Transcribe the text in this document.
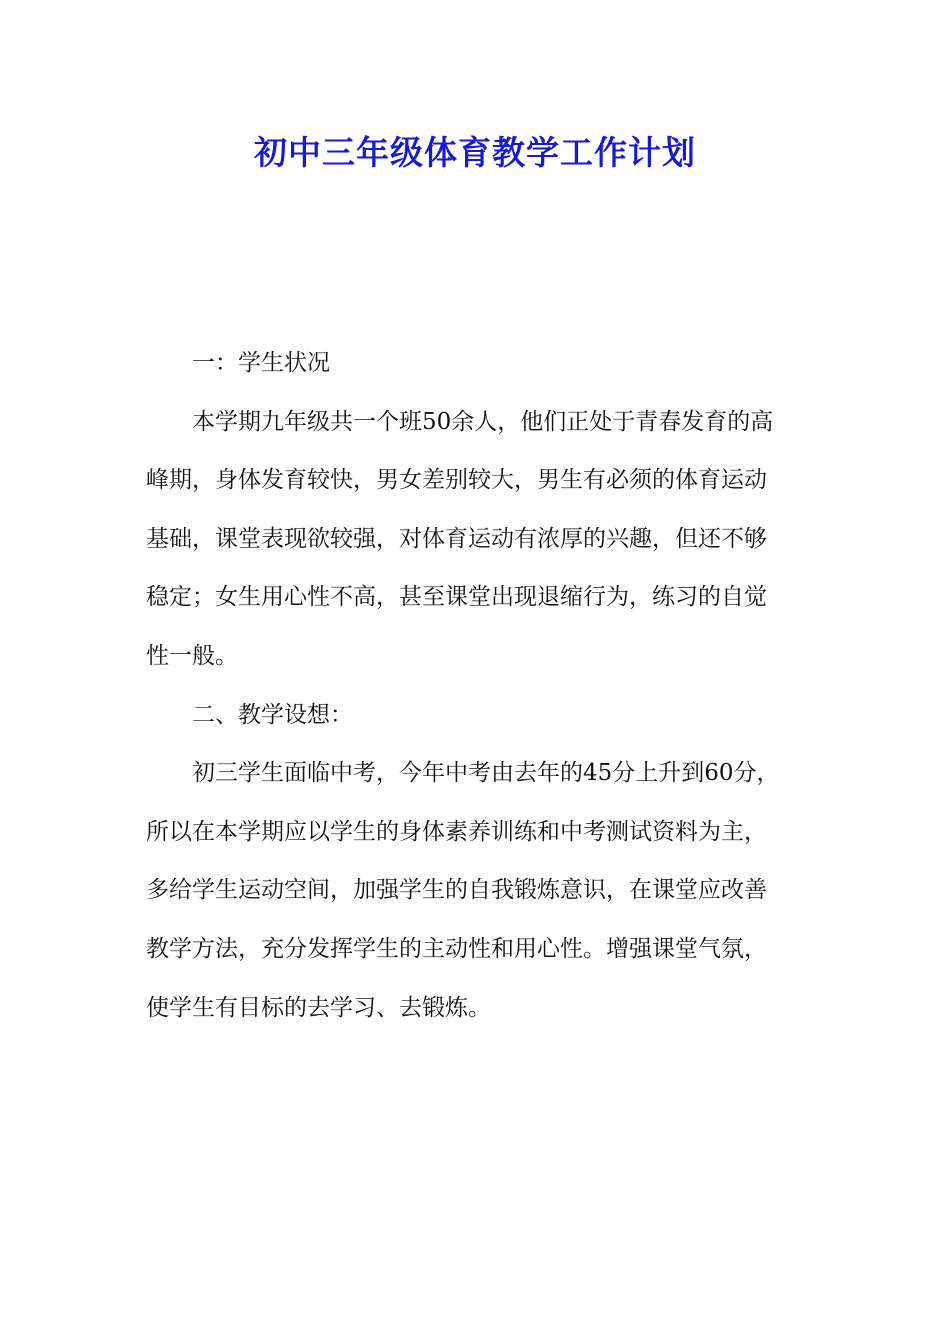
初中三年级体育教学工作计划
一：学生状况
本学期九年级共一个班50余人，他们正处于青春发育的高
峰期，身体发育较快，男女差别较大，男生有必须的体育运动
基础，课堂表现欲较强，对体育运动有浓厚的兴趣，但还不够
稳定；女生用心性不高，甚至课堂出现退缩行为，练习的自觉
性一般。
二、教学设想：
初三学生面临中考，今年中考由去年的45分上升到60分，
所以在本学期应以学生的身体素养训练和中考测试资料为主，
多给学生运动空间，加强学生的自我锻炼意识，在课堂应改善
教学方法，充分发挥学生的主动性和用心性。增强课堂气氛，
使学生有目标的去学习、去锻炼。
